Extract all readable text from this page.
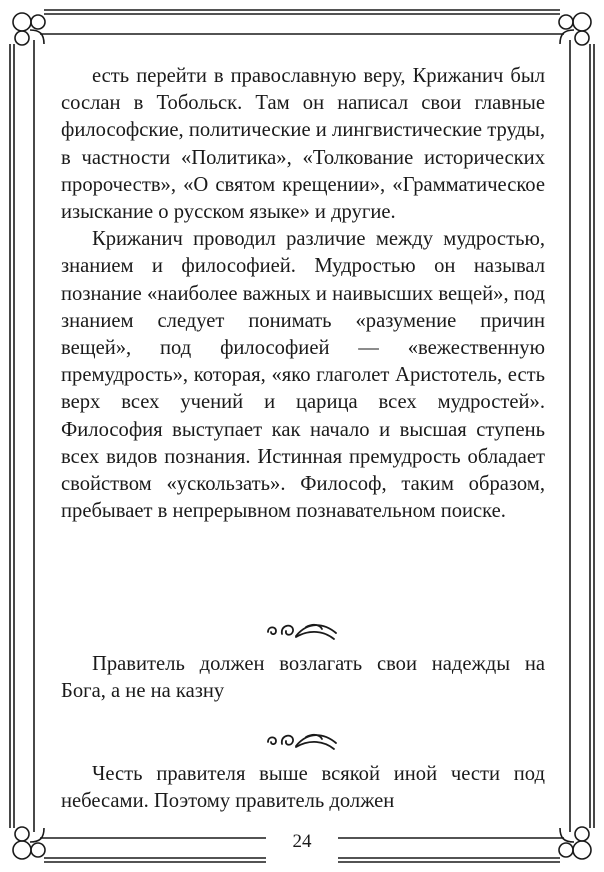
есть перейти в православную веру, Крижанич был сослан в Тобольск. Там он написал свои главные философские, политические и лингвистические труды, в частности «Политика», «Толкование исторических пророчеств», «О святом крещении», «Грамматическое изыскание о русском языке» и другие.

Крижанич проводил различие между мудростью, знанием и философией. Мудростью он называл познание «наиболее важных и наивысших вещей», под знанием следует понимать «разумение причин вещей», под философией — «вежественную премудрость», которая, «яко глаголет Аристотель, есть верх всех учений и царица всех мудростей». Философия выступает как начало и высшая ступень всех видов познания. Истинная премудрость обладает свойством «ускользать». Философ, таким образом, пребывает в непрерывном познавательном поиске.

Правитель должен возлагать свои надежды на Бога, а не на казну

Честь правителя выше всякой иной чести под небесами. Поэтому правитель должен

24
